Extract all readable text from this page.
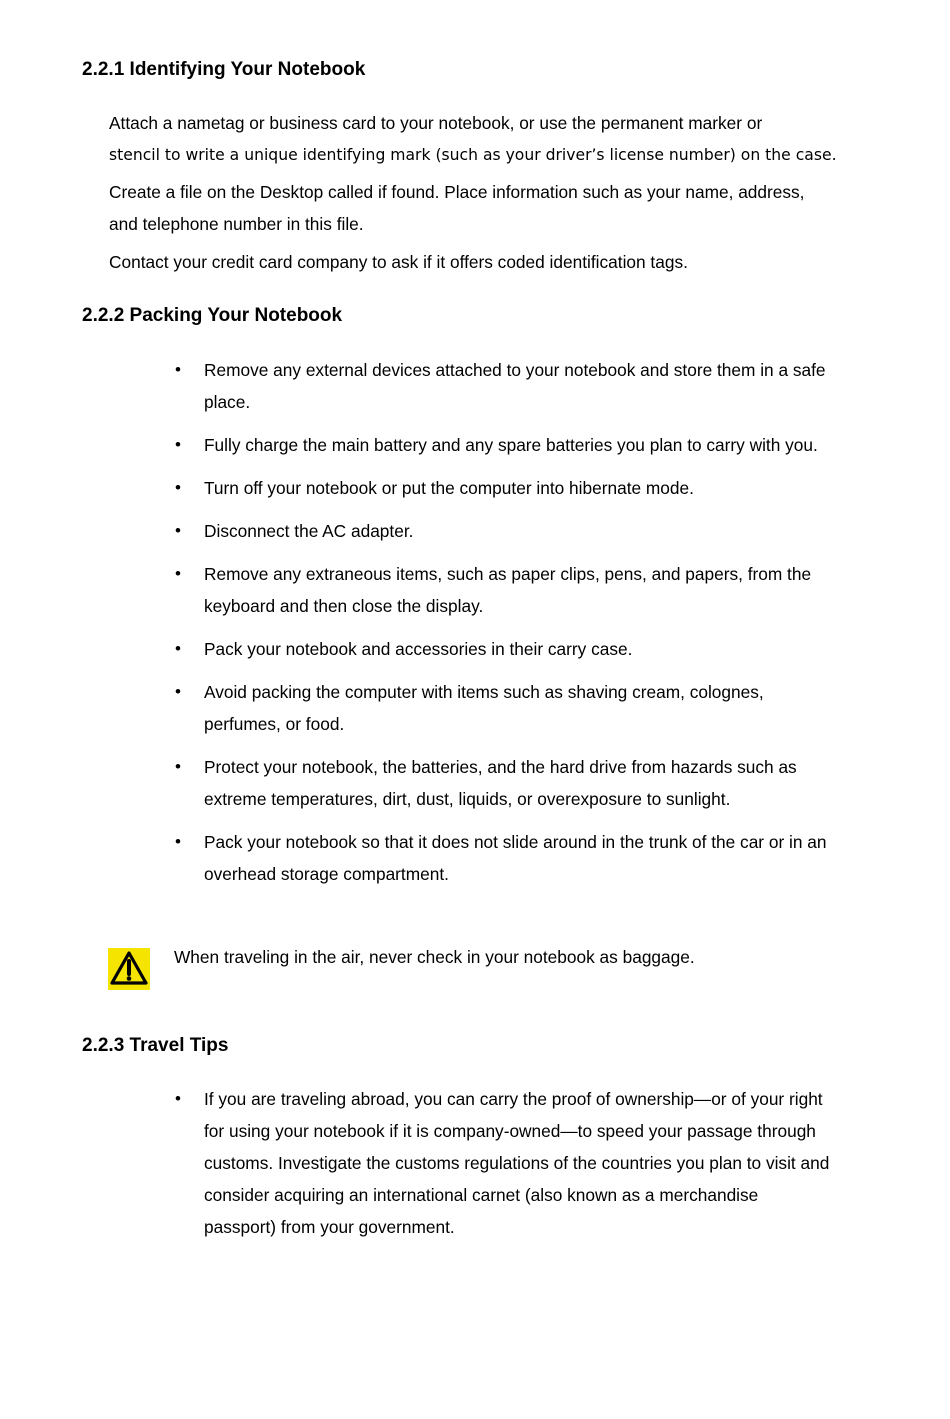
2.2.1 Identifying Your Notebook

Attach a nametag or business card to your notebook, or use the permanent marker or

stencil to write a unique identifying mark (such as your driver’s license number) on the case.

Create a file on the Desktop called if found. Place information such as your name, address, and telephone number in this file.

Contact your credit card company to ask if it offers coded identification tags.

2.2.2 Packing Your Notebook
• Remove any external devices attached to your notebook and store them in a safe place.
• Fully charge the main battery and any spare batteries you plan to carry with you.
• Turn off your notebook or put the computer into hibernate mode.
• Disconnect the AC adapter.
• Remove any extraneous items, such as paper clips, pens, and papers, from the keyboard and then close the display.
• Pack your notebook and accessories in their carry case.
• Avoid packing the computer with items such as shaving cream, colognes, perfumes, or food.
• Protect your notebook, the batteries, and the hard drive from hazards such as extreme temperatures, dirt, dust, liquids, or overexposure to sunlight.
• Pack your notebook so that it does not slide around in the trunk of the car or in an overhead storage compartment.
When traveling in the air, never check in your notebook as baggage.
2.2.3 Travel Tips
• If you are traveling abroad, you can carry the proof of ownership—or of your right for using your notebook if it is company-owned—to speed your passage through customs. Investigate the customs regulations of the countries you plan to visit and consider acquiring an international carnet (also known as a merchandise passport) from your government.
